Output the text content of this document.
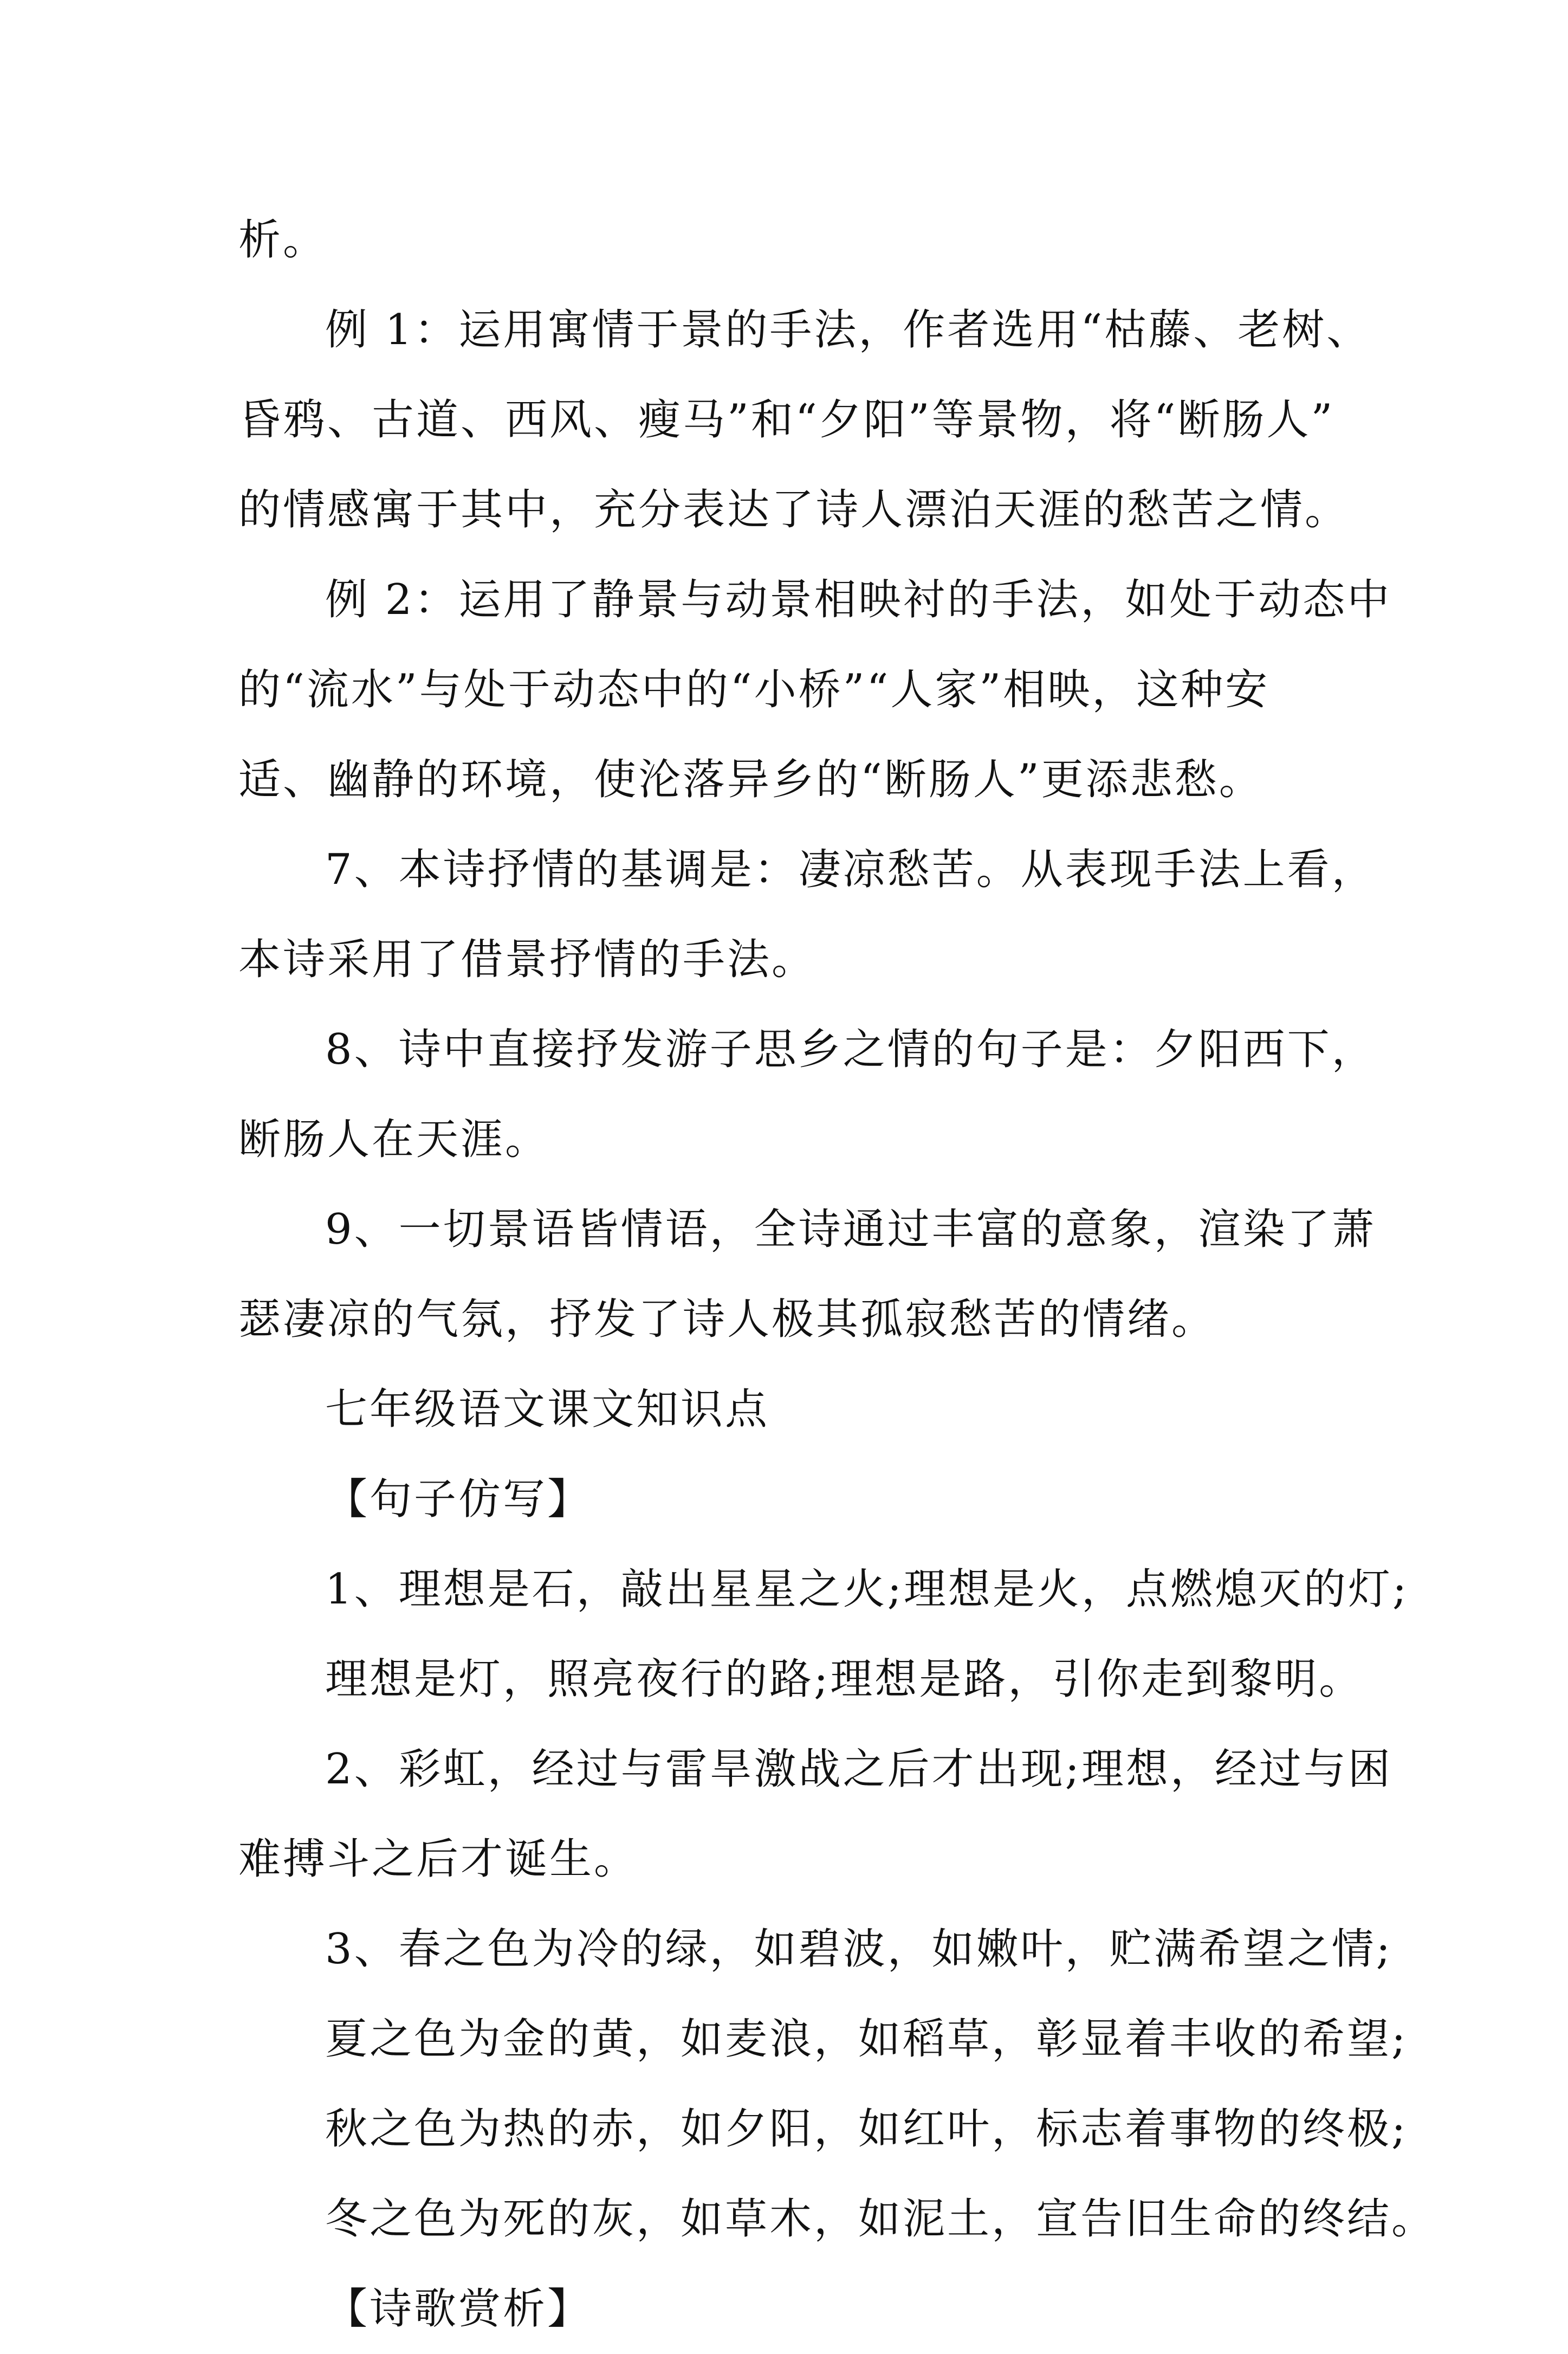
析。
例 1：运用寓情于景的手法，作者选用“枯藤、老树、
昏鸦、古道、西风、瘦马”和“夕阳”等景物，将“断肠人”
的情感寓于其中，充分表达了诗人漂泊天涯的愁苦之情。
例 2：运用了静景与动景相映衬的手法，如处于动态中
的“流水”与处于动态中的“小桥”“人家”相映，这种安
适、幽静的环境，使沦落异乡的“断肠人”更添悲愁。
7、本诗抒情的基调是：凄凉愁苦。从表现手法上看，
本诗采用了借景抒情的手法。
8、诗中直接抒发游子思乡之情的句子是：夕阳西下，
断肠人在天涯。
9、一切景语皆情语，全诗通过丰富的意象，渲染了萧
瑟凄凉的气氛，抒发了诗人极其孤寂愁苦的情绪。
七年级语文课文知识点
【句子仿写】
1、理想是石，敲出星星之火;理想是火，点燃熄灭的灯;
理想是灯，照亮夜行的路;理想是路，引你走到黎明。
2、彩虹，经过与雷旱激战之后才出现;理想，经过与困
难搏斗之后才诞生。
3、春之色为冷的绿，如碧波，如嫩叶，贮满希望之情;
夏之色为金的黄，如麦浪，如稻草，彰显着丰收的希望;
秋之色为热的赤，如夕阳，如红叶，标志着事物的终极;
冬之色为死的灰，如草木，如泥土，宣告旧生命的终结。
【诗歌赏析】
